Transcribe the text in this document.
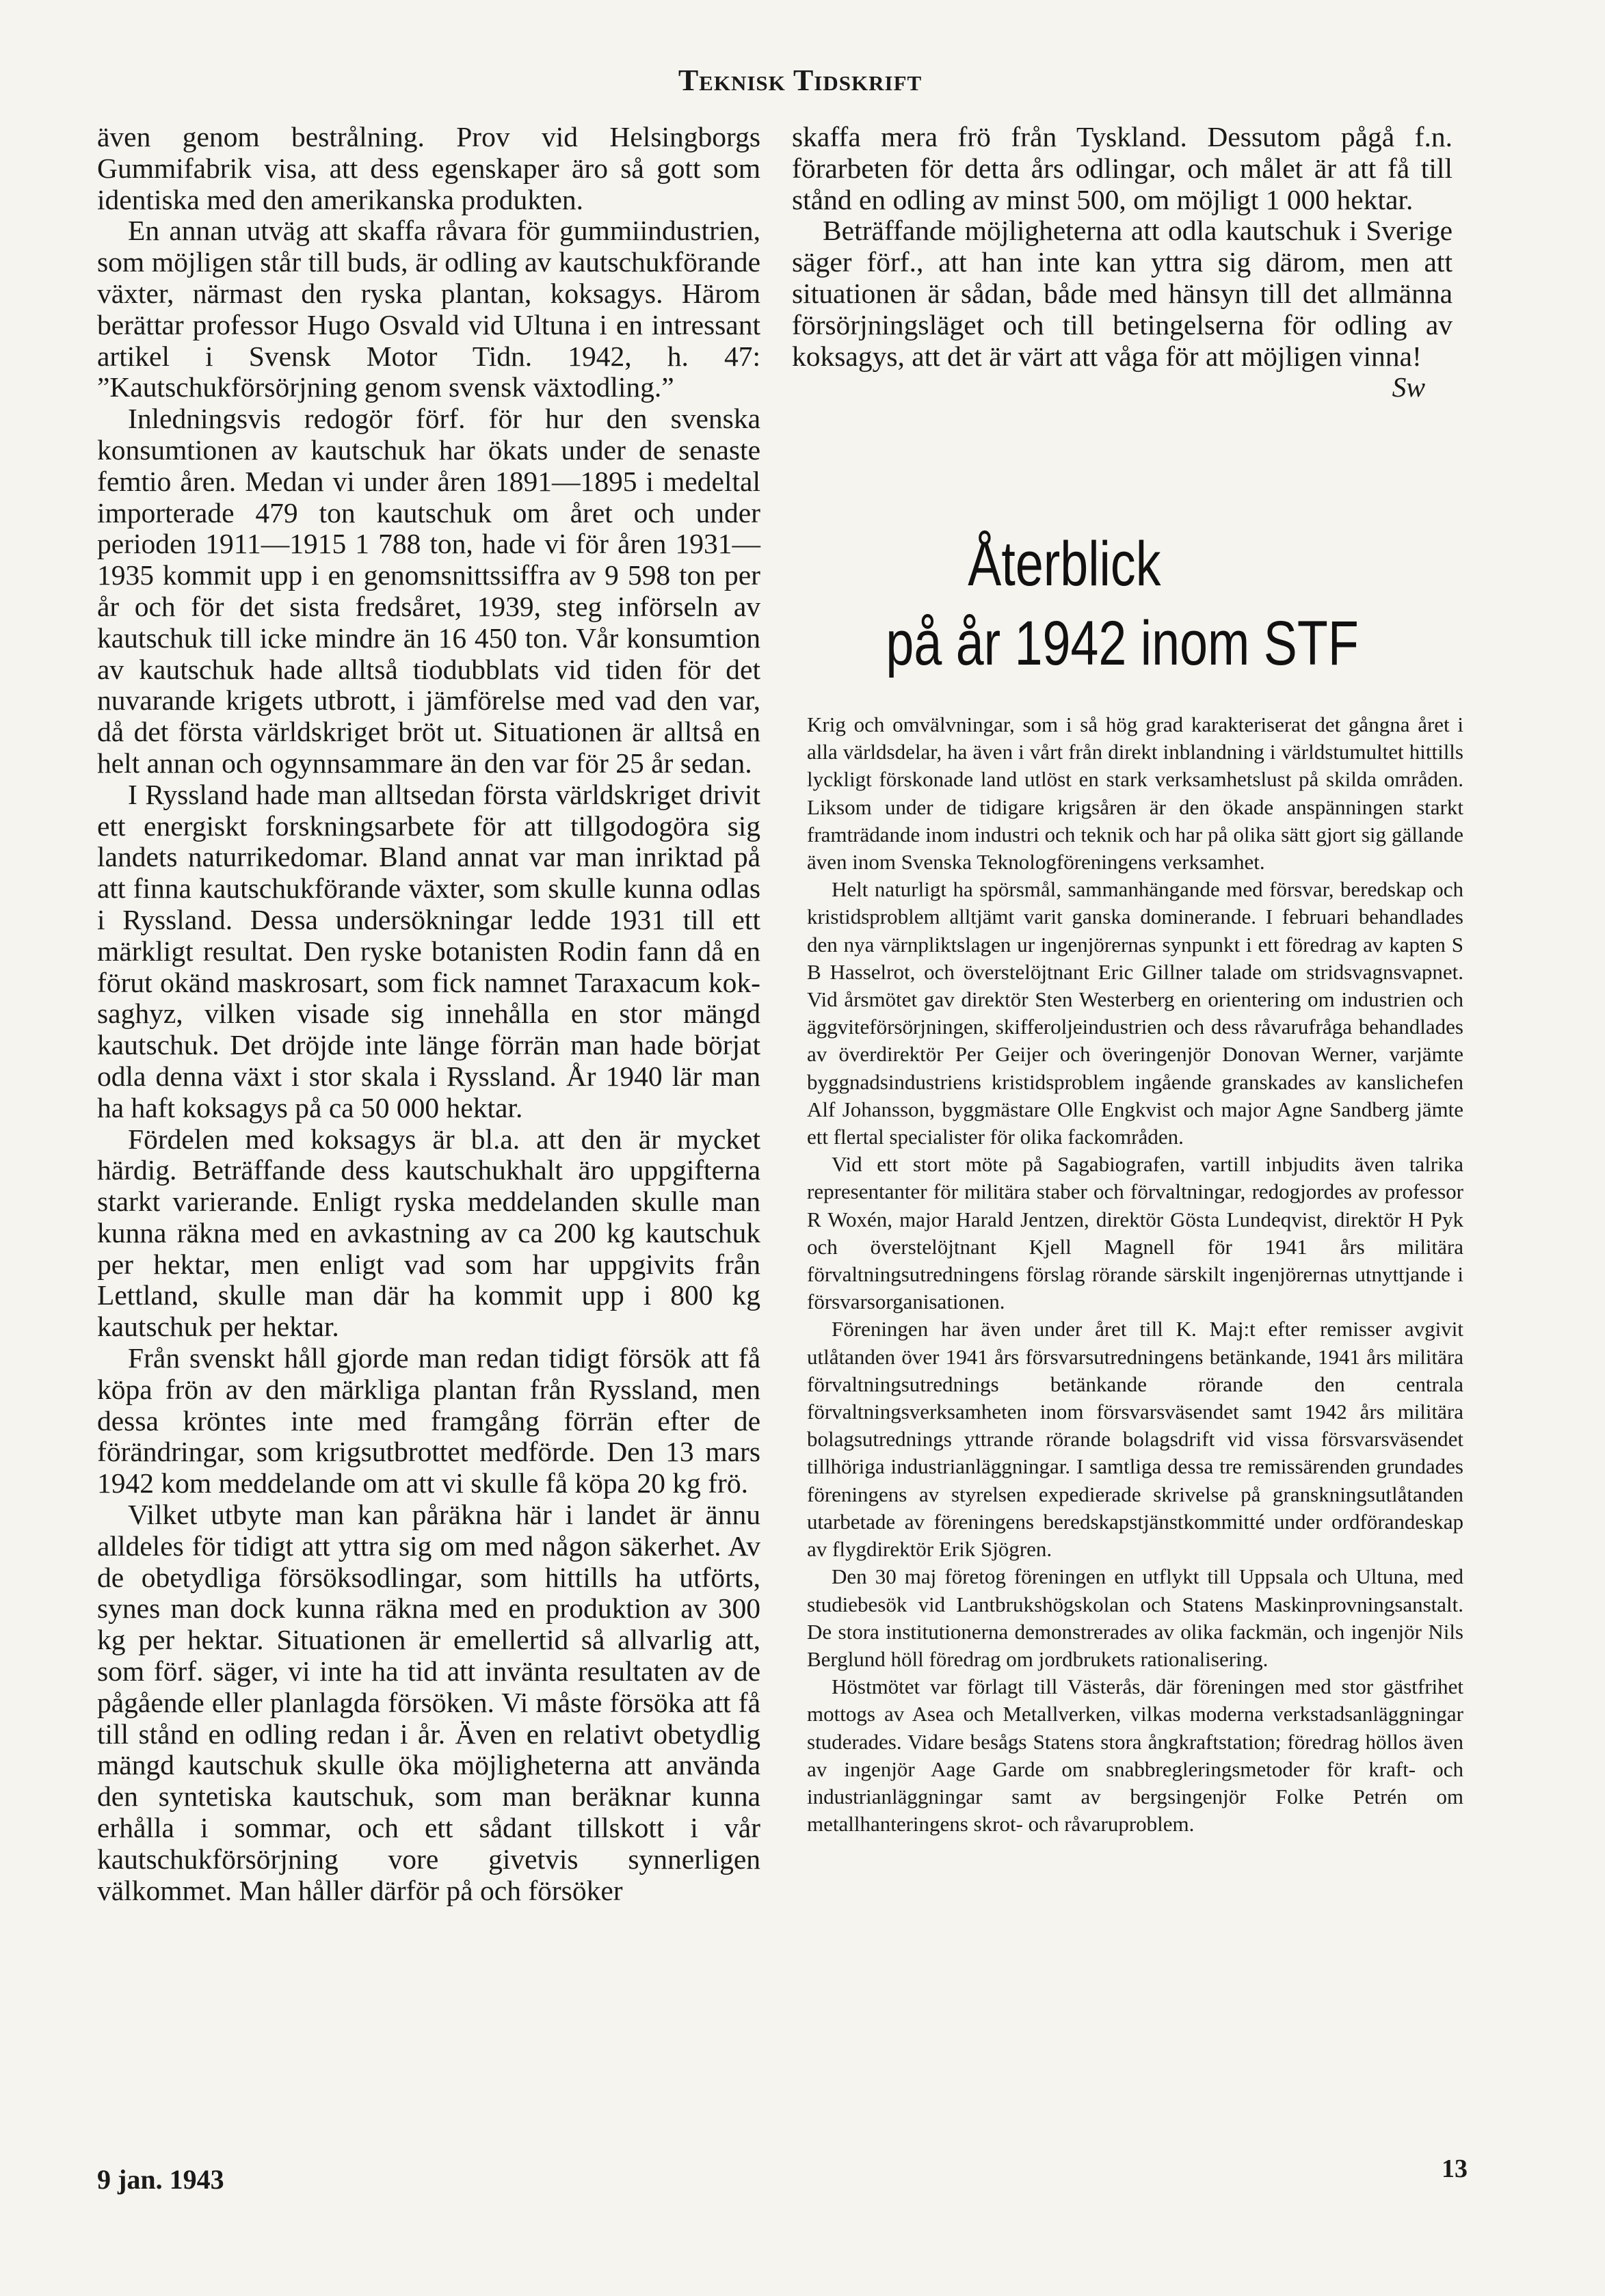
Teknisk Tidskrift

även genom bestrålning. Prov vid Helsingborgs Gummifabrik visa, att dess egenskaper äro så gott som identiska med den amerikanska produkten.

En annan utväg att skaffa råvara för gummiindustrien, som möjligen står till buds, är odling av kautschukförande växter, närmast den ryska plantan, koksagys. Härom berättar professor Hugo Osvald vid Ultuna i en intressant artikel i Svensk Motor Tidn. 1942, h. 47: ”Kautschukförsörjning genom svensk växtodling.”

Inledningsvis redogör förf. för hur den svenska konsumtionen av kautschuk har ökats under de senaste femtio åren. Medan vi under åren 1891—1895 i medeltal importerade 479 ton kautschuk om året och under perioden 1911—1915 1 788 ton, hade vi för åren 1931—1935 kommit upp i en genomsnittssiffra av 9 598 ton per år och för det sista fredsåret, 1939, steg införseln av kautschuk till icke mindre än 16 450 ton. Vår konsumtion av kautschuk hade alltså tiodubblats vid tiden för det nuvarande krigets utbrott, i jämförelse med vad den var, då det första världskriget bröt ut. Situationen är alltså en helt annan och ogynnsammare än den var för 25 år sedan.

I Ryssland hade man alltsedan första världskriget drivit ett energiskt forskningsarbete för att tillgodogöra sig landets naturrikedomar. Bland annat var man inriktad på att finna kautschukförande växter, som skulle kunna odlas i Ryssland. Dessa undersökningar ledde 1931 till ett märkligt resultat. Den ryske botanisten Rodin fann då en förut okänd maskrosart, som fick namnet Taraxacum kok-saghyz, vilken visade sig innehålla en stor mängd kautschuk. Det dröjde inte länge förrän man hade börjat odla denna växt i stor skala i Ryssland. År 1940 lär man ha haft koksagys på ca 50 000 hektar.

Fördelen med koksagys är bl.a. att den är mycket härdig. Beträffande dess kautschukhalt äro uppgifterna starkt varierande. Enligt ryska meddelanden skulle man kunna räkna med en avkastning av ca 200 kg kautschuk per hektar, men enligt vad som har uppgivits från Lettland, skulle man där ha kommit upp i 800 kg kautschuk per hektar.

Från svenskt håll gjorde man redan tidigt försök att få köpa frön av den märkliga plantan från Ryssland, men dessa kröntes inte med framgång förrän efter de förändringar, som krigsutbrottet medförde. Den 13 mars 1942 kom meddelande om att vi skulle få köpa 20 kg frö.

Vilket utbyte man kan påräkna här i landet är ännu alldeles för tidigt att yttra sig om med någon säkerhet. Av de obetydliga försöksodlingar, som hittills ha utförts, synes man dock kunna räkna med en produktion av 300 kg per hektar. Situationen är emellertid så allvarlig att, som förf. säger, vi inte ha tid att invänta resultaten av de pågående eller planlagda försöken. Vi måste försöka att få till stånd en odling redan i år. Även en relativt obetydlig mängd kautschuk skulle öka möjligheterna att använda den syntetiska kautschuk, som man beräknar kunna erhålla i sommar, och ett sådant tillskott i vår kautschukförsörjning vore givetvis synnerligen välkommet. Man håller därför på och försöker

skaffa mera frö från Tyskland. Dessutom pågå f.n. förarbeten för detta års odlingar, och målet är att få till stånd en odling av minst 500, om möjligt 1 000 hektar.

Beträffande möjligheterna att odla kautschuk i Sverige säger förf., att han inte kan yttra sig därom, men att situationen är sådan, både med hänsyn till det allmänna försörjningsläget och till betingelserna för odling av koksagys, att det är värt att våga för att möjligen vinna!
Sw

Återblick
på år 1942 inom STF

Krig och omvälvningar, som i så hög grad karakteriserat det gångna året i alla världsdelar, ha även i vårt från direkt inblandning i världstumultet hittills lyckligt förskonade land utlöst en stark verksamhetslust på skilda områden. Liksom under de tidigare krigsåren är den ökade anspänningen starkt framträdande inom industri och teknik och har på olika sätt gjort sig gällande även inom Svenska Teknologföreningens verksamhet.

Helt naturligt ha spörsmål, sammanhängande med försvar, beredskap och kristidsproblem alltjämt varit ganska dominerande. I februari behandlades den nya värnpliktslagen ur ingenjörernas synpunkt i ett föredrag av kapten S B Hasselrot, och överstelöjtnant Eric Gillner talade om stridsvagnsvapnet. Vid årsmötet gav direktör Sten Westerberg en orientering om industrien och äggviteförsörjningen, skifferoljeindustrien och dess råvarufråga behandlades av överdirektör Per Geijer och överingenjör Donovan Werner, varjämte byggnadsindustriens kristidsproblem ingående granskades av kanslichefen Alf Johansson, byggmästare Olle Engkvist och major Agne Sandberg jämte ett flertal specialister för olika fackområden.

Vid ett stort möte på Sagabiografen, vartill inbjudits även talrika representanter för militära staber och förvaltningar, redogjordes av professor R Woxén, major Harald Jentzen, direktör Gösta Lundeqvist, direktör H Pyk och överstelöjtnant Kjell Magnell för 1941 års militära förvaltningsutredningens förslag rörande särskilt ingenjörernas utnyttjande i försvarsorganisationen.

Föreningen har även under året till K. Maj:t efter remisser avgivit utlåtanden över 1941 års försvarsutredningens betänkande, 1941 års militära förvaltningsutrednings betänkande rörande den centrala förvaltningsverksamheten inom försvarsväsendet samt 1942 års militära bolagsutrednings yttrande rörande bolagsdrift vid vissa försvarsväsendet tillhöriga industrianläggningar. I samtliga dessa tre remissärenden grundades föreningens av styrelsen expedierade skrivelse på granskningsutlåtanden utarbetade av föreningens beredskapstjänstkommitté under ordförandeskap av flygdirektör Erik Sjögren.

Den 30 maj företog föreningen en utflykt till Uppsala och Ultuna, med studiebesök vid Lantbrukshögskolan och Statens Maskinprovningsanstalt. De stora institutionerna demonstrerades av olika fackmän, och ingenjör Nils Berglund höll föredrag om jordbrukets rationalisering.

Höstmötet var förlagt till Västerås, där föreningen med stor gästfrihet mottogs av Asea och Metallverken, vilkas moderna verkstadsanläggningar studerades. Vidare besågs Statens stora ångkraftstation; föredrag höllos även av ingenjör Aage Garde om snabbregleringsmetoder för kraft- och industrianläggningar samt av bergsingenjör Folke Petrén om metallhanteringens skrot- och råvaruproblem.

9 jan. 1943	13
